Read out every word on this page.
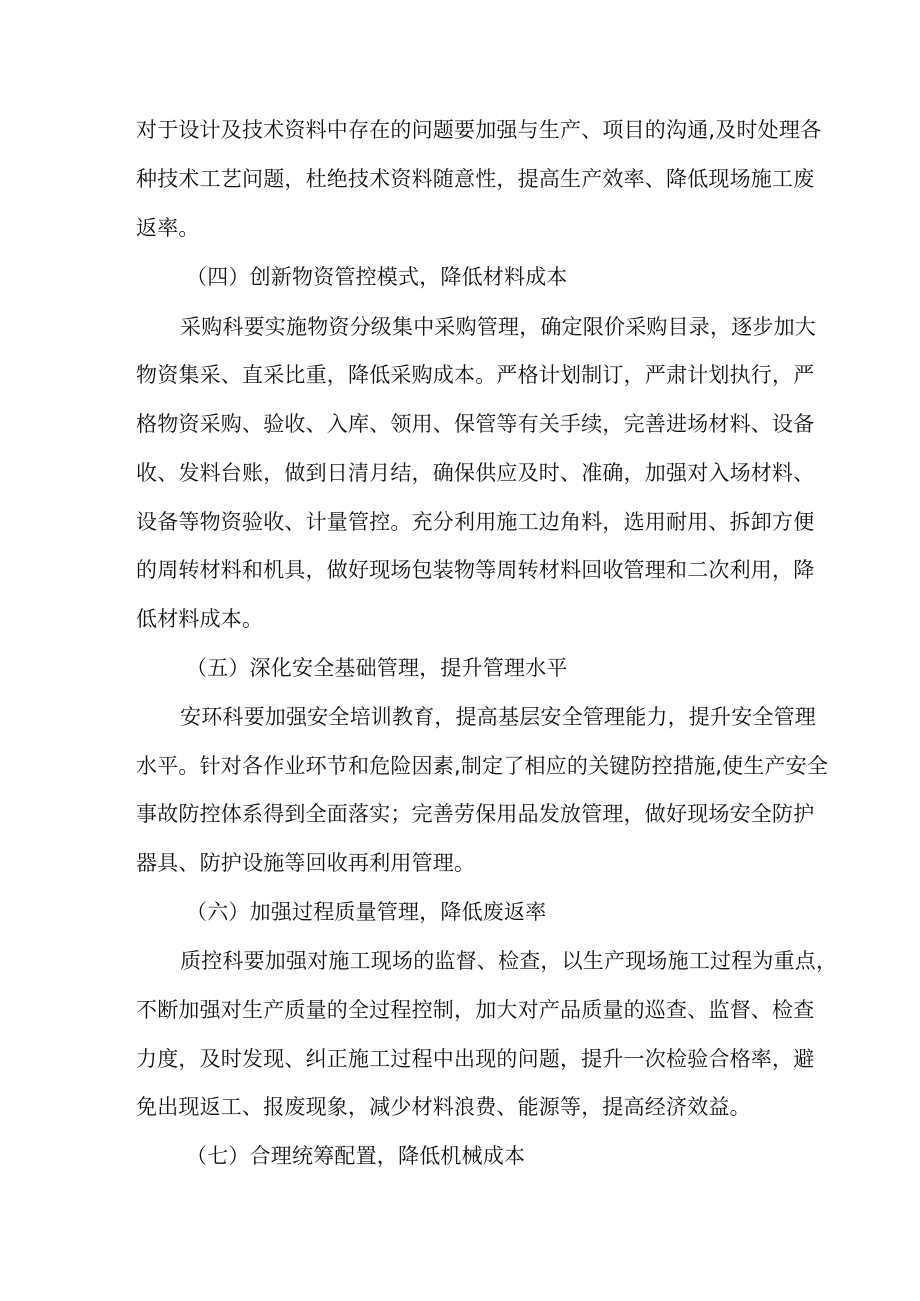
对于设计及技术资料中存在的问题要加强与生产、项目的沟通,及时处理各
种技术工艺问题，杜绝技术资料随意性，提高生产效率、降低现场施工废
返率。
（四）创新物资管控模式，降低材料成本
采购科要实施物资分级集中采购管理，确定限价采购目录，逐步加大
物资集采、直采比重，降低采购成本。严格计划制订，严肃计划执行，严
格物资采购、验收、入库、领用、保管等有关手续，完善进场材料、设备
收、发料台账，做到日清月结，确保供应及时、准确，加强对入场材料、
设备等物资验收、计量管控。充分利用施工边角料，选用耐用、拆卸方便
的周转材料和机具，做好现场包装物等周转材料回收管理和二次利用，降
低材料成本。
（五）深化安全基础管理，提升管理水平
安环科要加强安全培训教育，提高基层安全管理能力，提升安全管理
水平。针对各作业环节和危险因素,制定了相应的关键防控措施,使生产安全
事故防控体系得到全面落实；完善劳保用品发放管理，做好现场安全防护
器具、防护设施等回收再利用管理。
（六）加强过程质量管理，降低废返率
质控科要加强对施工现场的监督、检查，以生产现场施工过程为重点，
不断加强对生产质量的全过程控制，加大对产品质量的巡查、监督、检查
力度，及时发现、纠正施工过程中出现的问题，提升一次检验合格率，避
免出现返工、报废现象，减少材料浪费、能源等，提高经济效益。
（七）合理统筹配置，降低机械成本
